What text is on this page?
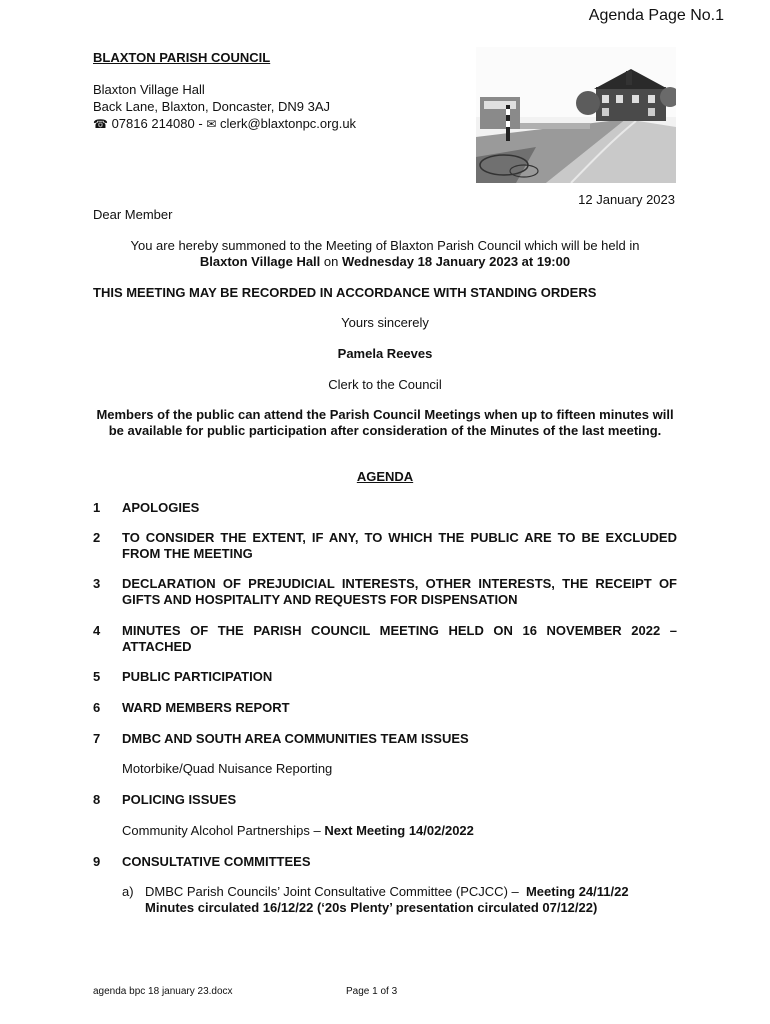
Agenda Page No.1
BLAXTON PARISH COUNCIL
Blaxton Village Hall
Back Lane, Blaxton, Doncaster, DN9 3AJ
☎ 07816 214080 - ✉ clerk@blaxtonpc.org.uk
12 January 2023
Dear Member
You are hereby summoned to the Meeting of Blaxton Parish Council which will be held in
Blaxton Village Hall on Wednesday 18 January 2023 at 19:00
THIS MEETING MAY BE RECORDED IN ACCORDANCE WITH STANDING ORDERS
Yours sincerely
Pamela Reeves
Clerk to the Council
Members of the public can attend the Parish Council Meetings when up to fifteen minutes will be available for public participation after consideration of the Minutes of the last meeting.
AGENDA
1 APOLOGIES
2 TO CONSIDER THE EXTENT, IF ANY, TO WHICH THE PUBLIC ARE TO BE EXCLUDED FROM THE MEETING
3 DECLARATION OF PREJUDICIAL INTERESTS, OTHER INTERESTS, THE RECEIPT OF GIFTS AND HOSPITALITY AND REQUESTS FOR DISPENSATION
4 MINUTES OF THE PARISH COUNCIL MEETING HELD ON 16 NOVEMBER 2022 – ATTACHED
5 PUBLIC PARTICIPATION
6 WARD MEMBERS REPORT
7 DMBC AND SOUTH AREA COMMUNITIES TEAM ISSUES
Motorbike/Quad Nuisance Reporting
8 POLICING ISSUES
Community Alcohol Partnerships – Next Meeting 14/02/2022
9 CONSULTATIVE COMMITTEES
a) DMBC Parish Councils’ Joint Consultative Committee (PCJCC) –  Meeting 24/11/22 Minutes circulated 16/12/22 (‘20s Plenty’ presentation circulated 07/12/22)
agenda bpc 18 january 23.docx	Page 1 of 3
